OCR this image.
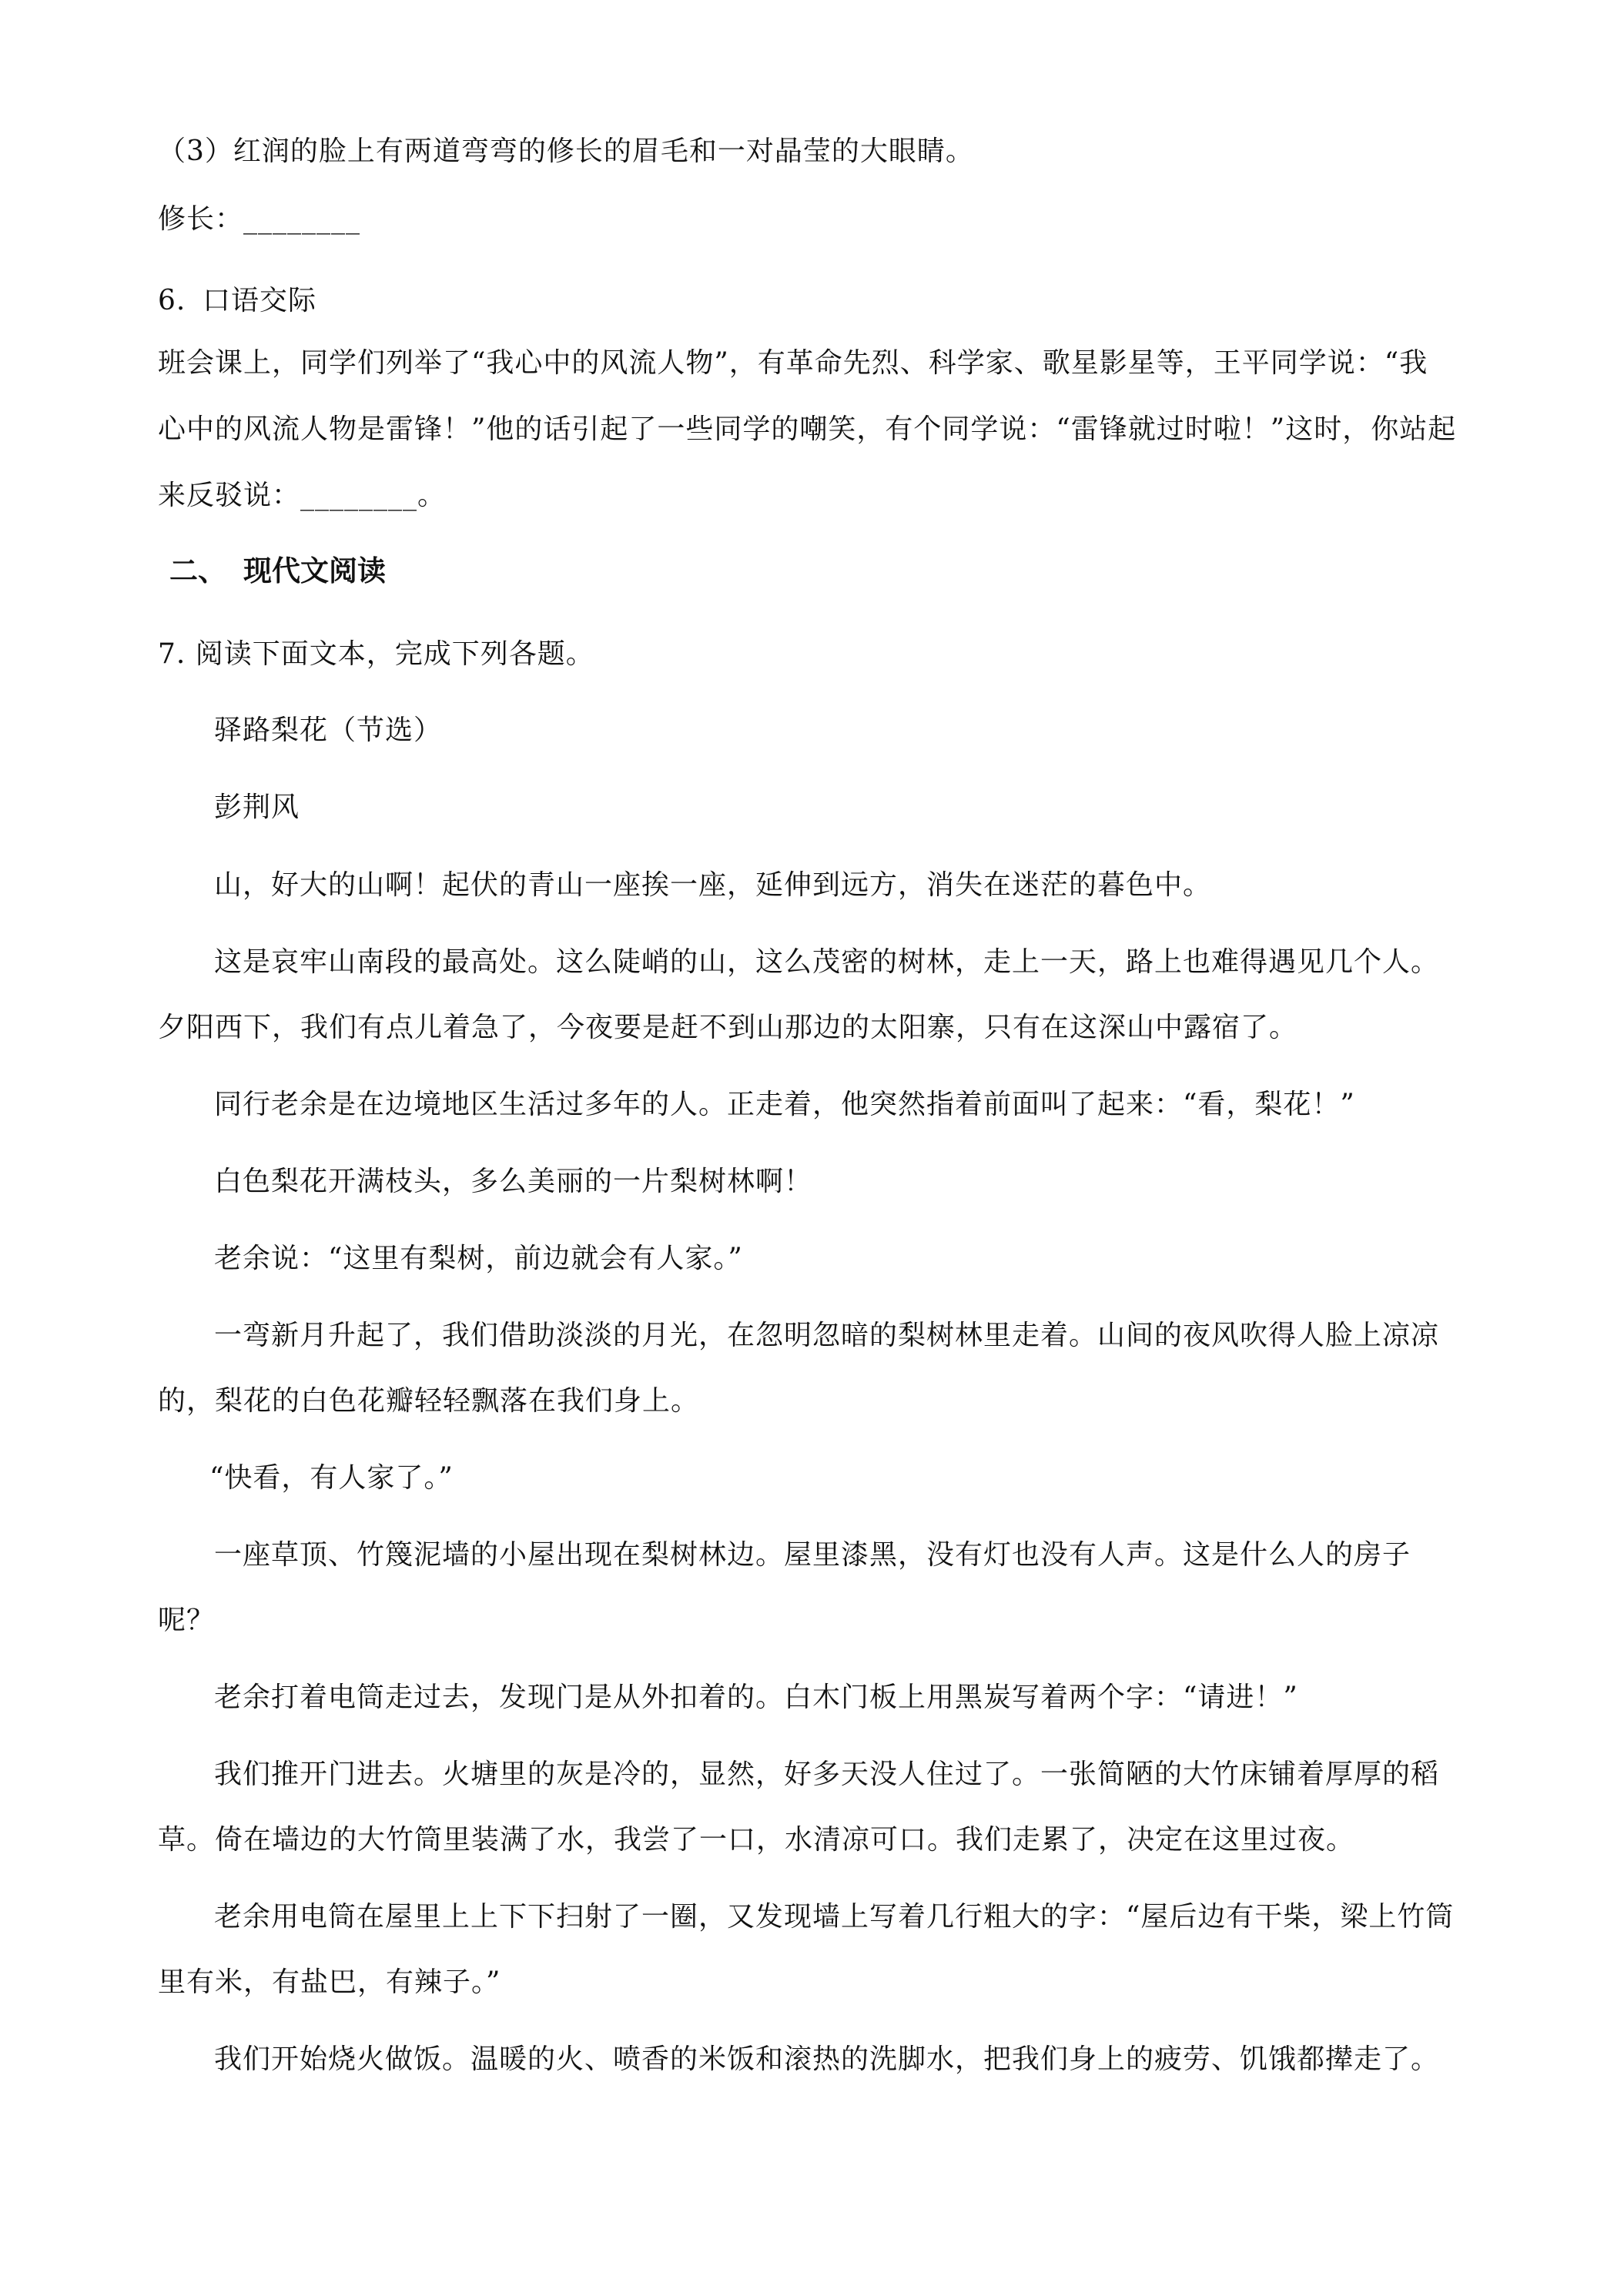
（3）红润的脸上有两道弯弯的修长的眉毛和一对晶莹的大眼睛。
修长：________
6. 口语交际
班会课上，同学们列举了“我心中的风流人物”，有革命先烈、科学家、歌星影星等，王平同学说：“我
心中的风流人物是雷锋！”他的话引起了一些同学的嘲笑，有个同学说：“雷锋就过时啦！”这时，你站起
来反驳说：________。
二、 现代文阅读
7. 阅读下面文本，完成下列各题。
驿路梨花（节选）
彭荆风
山，好大的山啊！起伏的青山一座挨一座，延伸到远方，消失在迷茫的暮色中。
这是哀牢山南段的最高处。这么陡峭的山，这么茂密的树林，走上一天，路上也难得遇见几个人。
夕阳西下，我们有点儿着急了，今夜要是赶不到山那边的太阳寨，只有在这深山中露宿了。
同行老余是在边境地区生活过多年的人。正走着，他突然指着前面叫了起来：“看，梨花！”
白色梨花开满枝头，多么美丽的一片梨树林啊！
老余说：“这里有梨树，前边就会有人家。”
一弯新月升起了，我们借助淡淡的月光，在忽明忽暗的梨树林里走着。山间的夜风吹得人脸上凉凉
的，梨花的白色花瓣轻轻飘落在我们身上。
“快看，有人家了。”
一座草顶、竹篾泥墙的小屋出现在梨树林边。屋里漆黑，没有灯也没有人声。这是什么人的房子
呢？
老余打着电筒走过去，发现门是从外扣着的。白木门板上用黑炭写着两个字：“请进！”
我们推开门进去。火塘里的灰是冷的，显然，好多天没人住过了。一张简陋的大竹床铺着厚厚的稻
草。倚在墙边的大竹筒里装满了水，我尝了一口，水清凉可口。我们走累了，决定在这里过夜。
老余用电筒在屋里上上下下扫射了一圈，又发现墙上写着几行粗大的字：“屋后边有干柴，梁上竹筒
里有米，有盐巴，有辣子。”
我们开始烧火做饭。温暖的火、喷香的米饭和滚热的洗脚水，把我们身上的疲劳、饥饿都撵走了。
